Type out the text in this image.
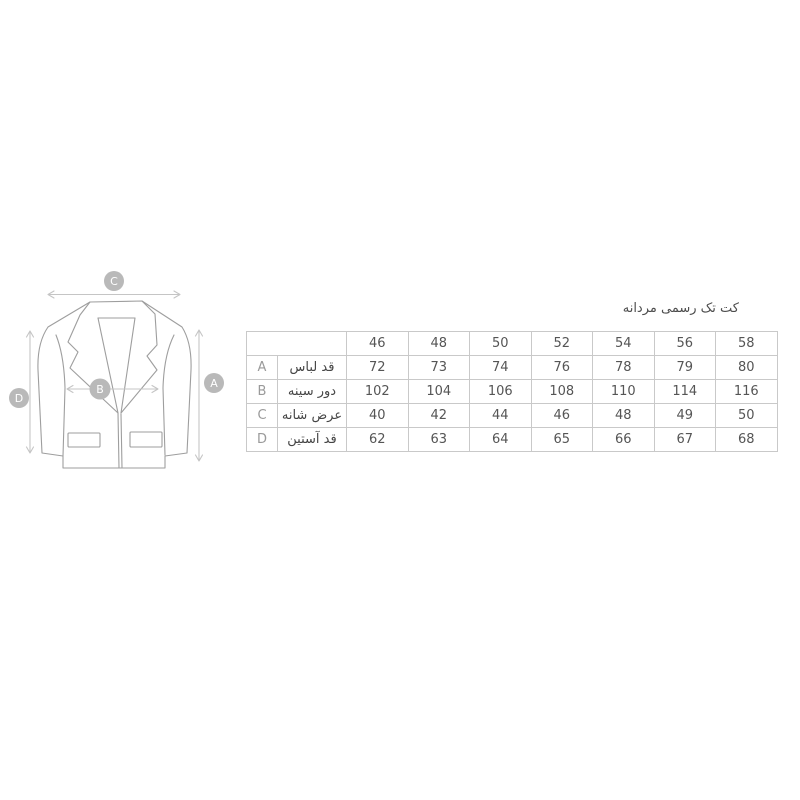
کت تک رسمی مردانه
C
A
D
B
		46	48	50	52	54	56	58
A	قد لباس	72	73	74	76	78	79	80
B	دور سینه	102	104	106	108	110	114	116
C	عرض شانه	40	42	44	46	48	49	50
D	قد آستین	62	63	64	65	66	67	68
